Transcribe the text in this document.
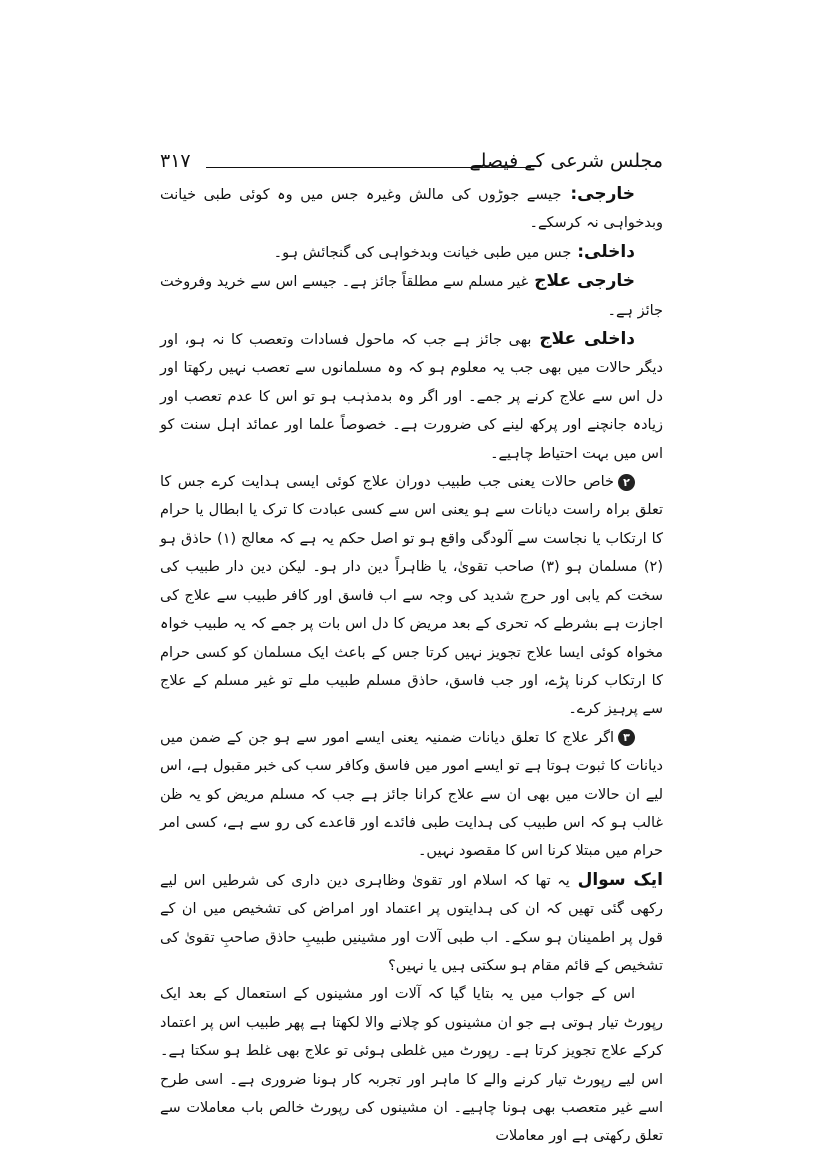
مجلس شرعی کے فیصلے
۳۱۷

خارجی: جیسے جوڑوں کی مالش وغیرہ جس میں وہ کوئی طبی خیانت وبدخواہی نہ کرسکے۔

داخلی: جس میں طبی خیانت وبدخواہی کی گنجائش ہو۔

خارجی علاج غیر مسلم سے مطلقاً جائز ہے۔ جیسے اس سے خرید وفروخت جائز ہے۔

داخلی علاج بھی جائز ہے جب کہ ماحول فسادات وتعصب کا نہ ہو، اور دیگر حالات میں بھی جب یہ معلوم ہو کہ وہ مسلمانوں سے تعصب نہیں رکھتا اور دل اس سے علاج کرنے پر جمے۔ اور اگر وہ بدمذہب ہو تو اس کا عدم تعصب اور زیادہ جانچنے اور پرکھ لینے کی ضرورت ہے۔ خصوصاً علما اور عمائد اہل سنت کو اس میں بہت احتیاط چاہیے۔

۲خاص حالات یعنی جب طبیب دوران علاج کوئی ایسی ہدایت کرے جس کا تعلق براہ راست دیانات سے ہو یعنی اس سے کسی عبادت کا ترک یا ابطال یا حرام کا ارتکاب یا نجاست سے آلودگی واقع ہو تو اصل حکم یہ ہے کہ معالج (۱) حاذق ہو (۲) مسلمان ہو (۳) صاحب تقویٰ، یا ظاہراً دین دار ہو۔ لیکن دین دار طبیب کی سخت کم یابی اور حرج شدید کی وجہ سے اب فاسق اور کافر طبیب سے علاج کی اجازت ہے بشرطے کہ تحری کے بعد مریض کا دل اس بات پر جمے کہ یہ طبیب خواہ مخواہ کوئی ایسا علاج تجویز نہیں کرتا جس کے باعث ایک مسلمان کو کسی حرام کا ارتکاب کرنا پڑے، اور جب فاسق، حاذق مسلم طبیب ملے تو غیر مسلم کے علاج سے پرہیز کرے۔

۳اگر علاج کا تعلق دیانات ضمنیہ یعنی ایسے امور سے ہو جن کے ضمن میں دیانات کا ثبوت ہوتا ہے تو ایسے امور میں فاسق وکافر سب کی خبر مقبول ہے، اس لیے ان حالات میں بھی ان سے علاج کرانا جائز ہے جب کہ مسلم مریض کو یہ ظن غالب ہو کہ اس طبیب کی ہدایت طبی فائدے اور قاعدے کی رو سے ہے، کسی امر حرام میں مبتلا کرنا اس کا مقصود نہیں۔

ایک سوال یہ تھا کہ اسلام اور تقویٰ وظاہری دین داری کی شرطیں اس لیے رکھی گئی تھیں کہ ان کی ہدایتوں پر اعتماد اور امراض کی تشخیص میں ان کے قول پر اطمینان ہو سکے۔ اب طبی آلات اور مشینیں طبیبِ حاذق صاحبِ تقویٰ کی تشخیص کے قائم مقام ہو سکتی ہیں یا نہیں؟

اس کے جواب میں یہ بتایا گیا کہ آلات اور مشینوں کے استعمال کے بعد ایک رپورٹ تیار ہوتی ہے جو ان مشینوں کو چلانے والا لکھتا ہے پھر طبیب اس پر اعتماد کرکے علاج تجویز کرتا ہے۔ رپورٹ میں غلطی ہوئی تو علاج بھی غلط ہو سکتا ہے۔ اس لیے رپورٹ تیار کرنے والے کا ماہر اور تجربہ کار ہونا ضروری ہے۔ اسی طرح اسے غیر متعصب بھی ہونا چاہیے۔ ان مشینوں کی رپورٹ خالص باب معاملات سے تعلق رکھتی ہے اور معاملات
